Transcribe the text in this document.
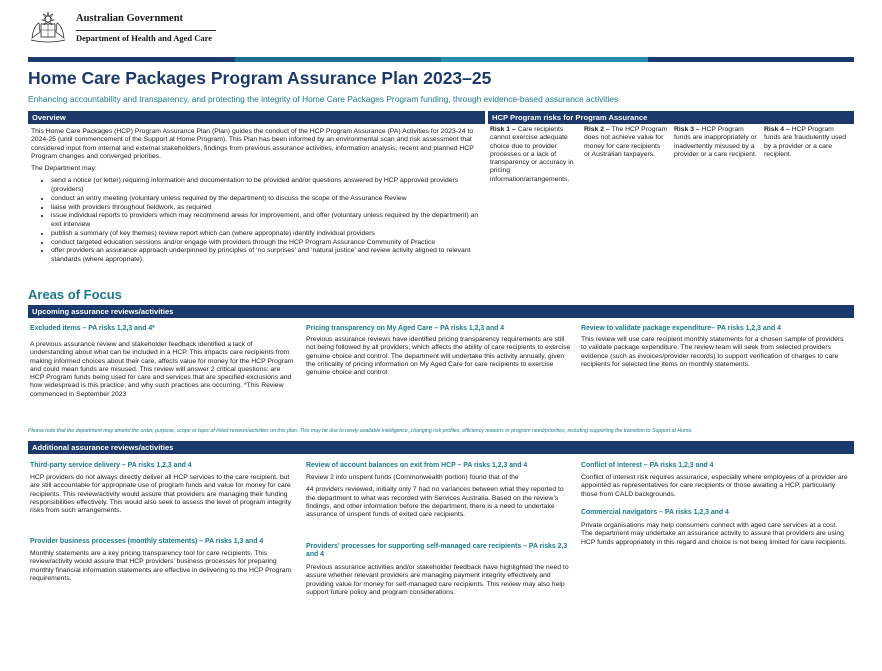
Australian Government
Department of Health and Aged Care
Home Care Packages Program Assurance Plan 2023–25
Enhancing accountability and transparency, and protecting the integrity of Home Care Packages Program funding, through evidence-based assurance activities
Overview

This Home Care Packages (HCP) Program Assurance Plan (Plan) guides the conduct of the HCP Program Assurance (PA) Activities for 2023-24 to 2024-25 (until commencement of the Support at Home Program). This Plan has been informed by an environmental scan and risk assessment that considered input from internal and external stakeholders, findings from previous assurance activities, information analysis, recent and planned HCP Program changes and converged priorities.

The Department may:

• send a notice (or letter) requiring information and documentation to be provided and/or questions answered by HCP approved providers (providers)
• conduct an entry meeting (voluntary unless required by the department) to discuss the scope of the Assurance Review
• liaise with providers throughout fieldwork, as required
• issue individual reports to providers which may recommend areas for improvement, and offer (voluntary unless required by the department) an exit interview
• publish a summary (of key themes) review report which can (where appropriate) identify individual providers
• conduct targeted education sessions and/or engage with providers through the HCP Program Assurance Community of Practice
• offer providers an assurance approach underpinned by principles of ‘no surprises’ and ‘natural justice’ and review activity aligned to relevant standards (where appropriate).
HCP Program risks for Program Assurance
Risk 1 – Care recipients cannot exercise adequate choice due to provider processes or a lack of transparency or accuracy in pricing information/arrangements.
Risk 2 – The HCP Program does not achieve value for money for care recipients or Australian taxpayers.
Risk 3 – HCP Program funds are inappropriately or inadvertently misused by a provider or a care recipient.
Risk 4 – HCP Program funds are fraudulently used by a provider or a care recipient.
Areas of Focus
Upcoming assurance reviews/activities
Excluded items – PA risks 1,2,3 and 4*
A previous assurance review and stakeholder feedback identified a lack of understanding about what can be included in a HCP. This impacts care recipients from making informed choices about their care, affects value for money for the HCP Program and could mean funds are misused. This review will answer 2 critical questions: are HCP Program funds being used for care and services that are specified exclusions and how widespread is this practice; and why such practices are occurring. *This Review commenced in September 2023
Pricing transparency on My Aged Care – PA risks 1,2,3 and 4
Previous assurance reviews have identified pricing transparency requirements are still not being followed by all providers, which affects the ability of care recipients to exercise genuine choice and control. The department will undertake this activity annually, given the criticality of pricing information on My Aged Care for care recipients to exercise genuine choice and control.
Review to validate package expenditure– PA risks 1,2,3 and 4
This review will use care recipient monthly statements for a chosen sample of providers to validate package expenditure. The review team will seek from selected providers evidence (such as invoices/provider records) to support verification of charges to care recipients for selected line items on monthly statements.
Please note that the department may amend the order, purpose, scope or topic of listed reviews/activities on this plan. This may be due to newly available intelligence, changing risk profiles, efficiency reasons or program need/priorities, including supporting the transition to Support at Home.
Additional assurance reviews/activities
Third-party service delivery – PA risks 1,2,3 and 4
HCP providers do not always directly deliver all HCP services to the care recipient, but are still accountable for appropriate use of program funds and value for money for care recipients. This review/activity would assure that providers are managing their funding responsibilities effectively. This would also seek to assess the level of program integrity risks from such arrangements.
Provider business processes (monthly statements) – PA risks 1,3 and 4
Monthly statements are a key pricing transparency tool for care recipients. This review/activity would assure that HCP providers’ business processes for preparing monthly financial information statements are effective in delivering to the HCP Program requirements.
Review of account balances on exit from HCP – PA risks 1,2,3 and 4

Review 2 into unspent funds (Commonwealth portion) found that of the

44 providers reviewed, initially only 7 had no variances between what they reported to the department to what was recorded with Services Australia. Based on the review’s findings, and other information before the department, there is a need to undertake assurance of unspent funds of exited care recipients.

Providers’ processes for supporting self-managed care recipients – PA risks 2,3 and 4
Previous assurance activities and/or stakeholder feedback have highlighted the need to assure whether relevant providers are managing payment integrity effectively and providing value for money for self-managed care recipients. This review may also help support future policy and program considerations.
Conflict of interest – PA risks 1,2,3 and 4
Conflict of interest risk requires assurance, especially where employees of a provider are appointed as representatives for care recipients or those awaiting a HCP, particularly those from CALD backgrounds.
Commercial navigators – PA risks 1,2,3 and 4
Private organisations may help consumers connect with aged care services at a cost. The department may undertake an assurance activity to assure that providers are using HCP funds appropriately in this regard and choice is not being limited for care recipients.
